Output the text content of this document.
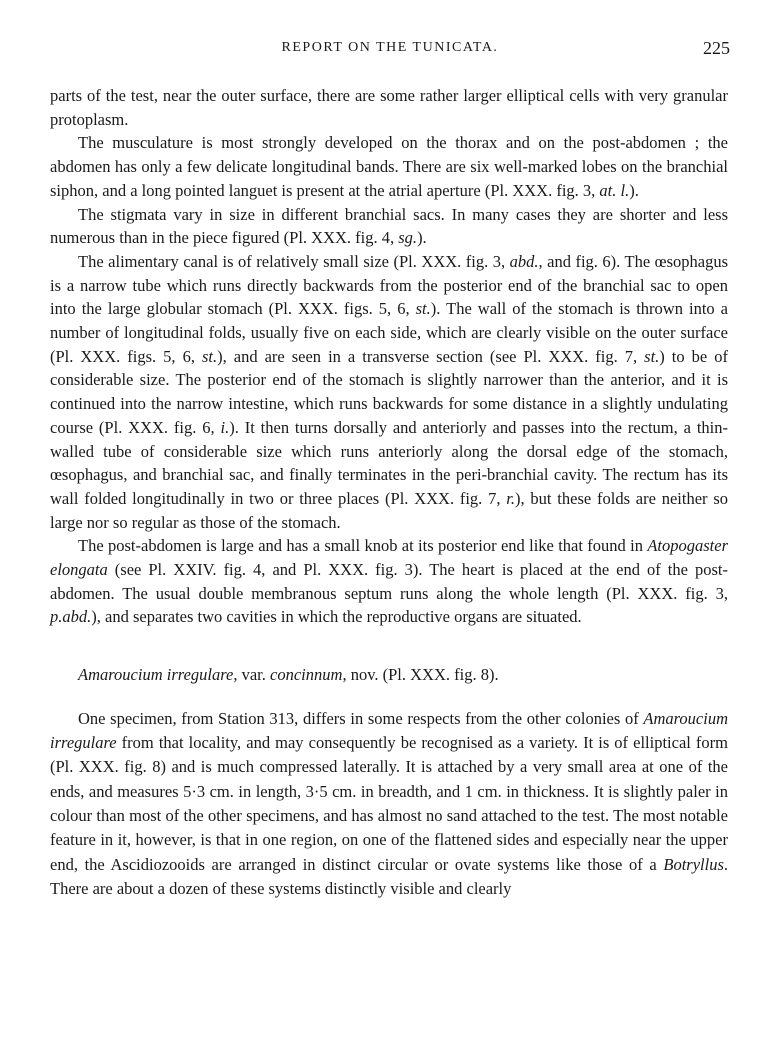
REPORT ON THE TUNICATA.	225

parts of the test, near the outer surface, there are some rather larger elliptical cells with very granular protoplasm.

The musculature is most strongly developed on the thorax and on the post-abdomen ; the abdomen has only a few delicate longitudinal bands. There are six well-marked lobes on the branchial siphon, and a long pointed languet is present at the atrial aperture (Pl. XXX. fig. 3, at. l.).

The stigmata vary in size in different branchial sacs. In many cases they are shorter and less numerous than in the piece figured (Pl. XXX. fig. 4, sg.).

The alimentary canal is of relatively small size (Pl. XXX. fig. 3, abd., and fig. 6). The œsophagus is a narrow tube which runs directly backwards from the posterior end of the branchial sac to open into the large globular stomach (Pl. XXX. figs. 5, 6, st.). The wall of the stomach is thrown into a number of longitudinal folds, usually five on each side, which are clearly visible on the outer surface (Pl. XXX. figs. 5, 6, st.), and are seen in a transverse section (see Pl. XXX. fig. 7, st.) to be of considerable size. The posterior end of the stomach is slightly narrower than the anterior, and it is continued into the narrow intestine, which runs backwards for some distance in a slightly undulating course (Pl. XXX. fig. 6, i.). It then turns dorsally and anteriorly and passes into the rectum, a thin-walled tube of considerable size which runs anteriorly along the dorsal edge of the stomach, œsophagus, and branchial sac, and finally terminates in the peri-branchial cavity. The rectum has its wall folded longitudinally in two or three places (Pl. XXX. fig. 7, r.), but these folds are neither so large nor so regular as those of the stomach.

The post-abdomen is large and has a small knob at its posterior end like that found in Atopogaster elongata (see Pl. XXIV. fig. 4, and Pl. XXX. fig. 3). The heart is placed at the end of the post-abdomen. The usual double membranous septum runs along the whole length (Pl. XXX. fig. 3, p.abd.), and separates two cavities in which the reproductive organs are situated.

Amaroucium irregulare, var. concinnum, nov. (Pl. XXX. fig. 8).

One specimen, from Station 313, differs in some respects from the other colonies of Amaroucium irregulare from that locality, and may consequently be recognised as a variety. It is of elliptical form (Pl. XXX. fig. 8) and is much compressed laterally. It is attached by a very small area at one of the ends, and measures 5·3 cm. in length, 3·5 cm. in breadth, and 1 cm. in thickness. It is slightly paler in colour than most of the other specimens, and has almost no sand attached to the test. The most notable feature in it, however, is that in one region, on one of the flattened sides and especially near the upper end, the Ascidiozooids are arranged in distinct circular or ovate systems like those of a Botryllus. There are about a dozen of these systems distinctly visible and clearly
